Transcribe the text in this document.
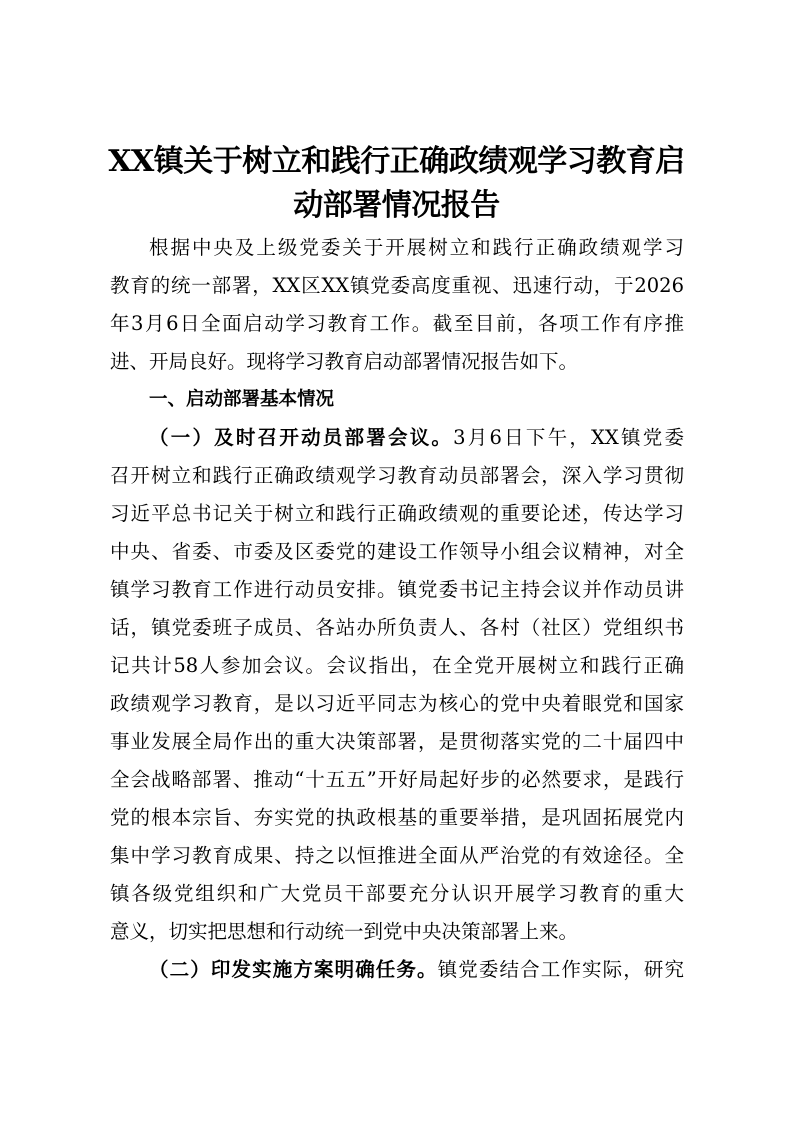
XX镇关于树立和践行正确政绩观学习教育启
动部署情况报告
根据中央及上级党委关于开展树立和践行正确政绩观学习
教育的统一部署，XX区XX镇党委高度重视、迅速行动，于2026
年3月6日全面启动学习教育工作。截至目前，各项工作有序推
进、开局良好。现将学习教育启动部署情况报告如下。
一、启动部署基本情况
（一）及时召开动员部署会议。3月6日下午，XX镇党委
召开树立和践行正确政绩观学习教育动员部署会，深入学习贯彻
习近平总书记关于树立和践行正确政绩观的重要论述，传达学习
中央、省委、市委及区委党的建设工作领导小组会议精神，对全
镇学习教育工作进行动员安排。镇党委书记主持会议并作动员讲
话，镇党委班子成员、各站办所负责人、各村（社区）党组织书
记共计58人参加会议。会议指出，在全党开展树立和践行正确
政绩观学习教育，是以习近平同志为核心的党中央着眼党和国家
事业发展全局作出的重大决策部署，是贯彻落实党的二十届四中
全会战略部署、推动“十五五”开好局起好步的必然要求，是践行
党的根本宗旨、夯实党的执政根基的重要举措，是巩固拓展党内
集中学习教育成果、持之以恒推进全面从严治党的有效途径。全
镇各级党组织和广大党员干部要充分认识开展学习教育的重大
意义，切实把思想和行动统一到党中央决策部署上来。
（二）印发实施方案明确任务。镇党委结合工作实际，研究
